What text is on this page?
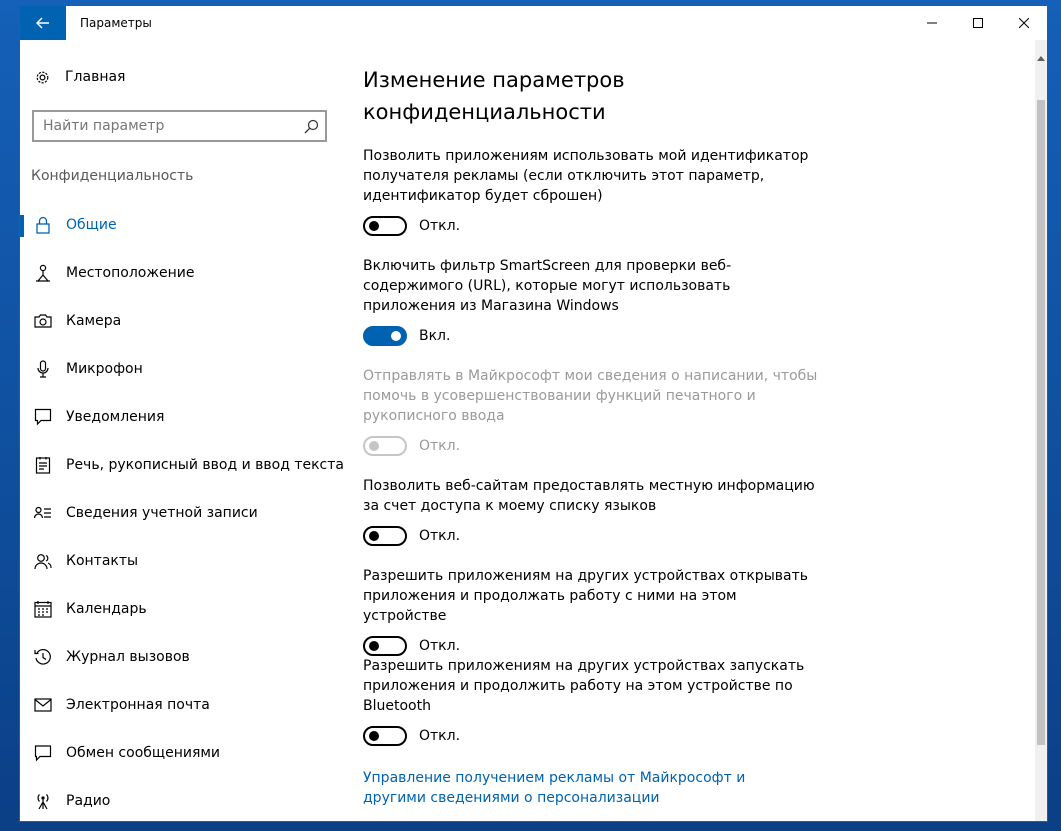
Параметры
Главная
Найти параметр
Конфиденциальность
Общие
Местоположение
Камера
Микрофон
Уведомления
Речь, рукописный ввод и ввод текста
Сведения учетной записи
Контакты
Календарь
Журнал вызовов
Электронная почта
Обмен сообщениями
Радио
Изменение параметров конфиденциальности
Позволить приложениям использовать мой идентификатор получателя рекламы (если отключить этот параметр, идентификатор будет сброшен)
Откл.
Включить фильтр SmartScreen для проверки веб-содержимого (URL), которые могут использовать приложения из Магазина Windows
Вкл.
Отправлять в Майкрософт мои сведения о написании, чтобы помочь в усовершенствовании функций печатного и рукописного ввода
Откл.
Позволить веб-сайтам предоставлять местную информацию за счет доступа к моему списку языков
Откл.
Разрешить приложениям на других устройствах открывать приложения и продолжать работу с ними на этом устройстве
Откл.
Разрешить приложениям на других устройствах запускать приложения и продолжить работу на этом устройстве по Bluetooth
Откл.
Управление получением рекламы от Майкрософт и другими сведениями о персонализации
